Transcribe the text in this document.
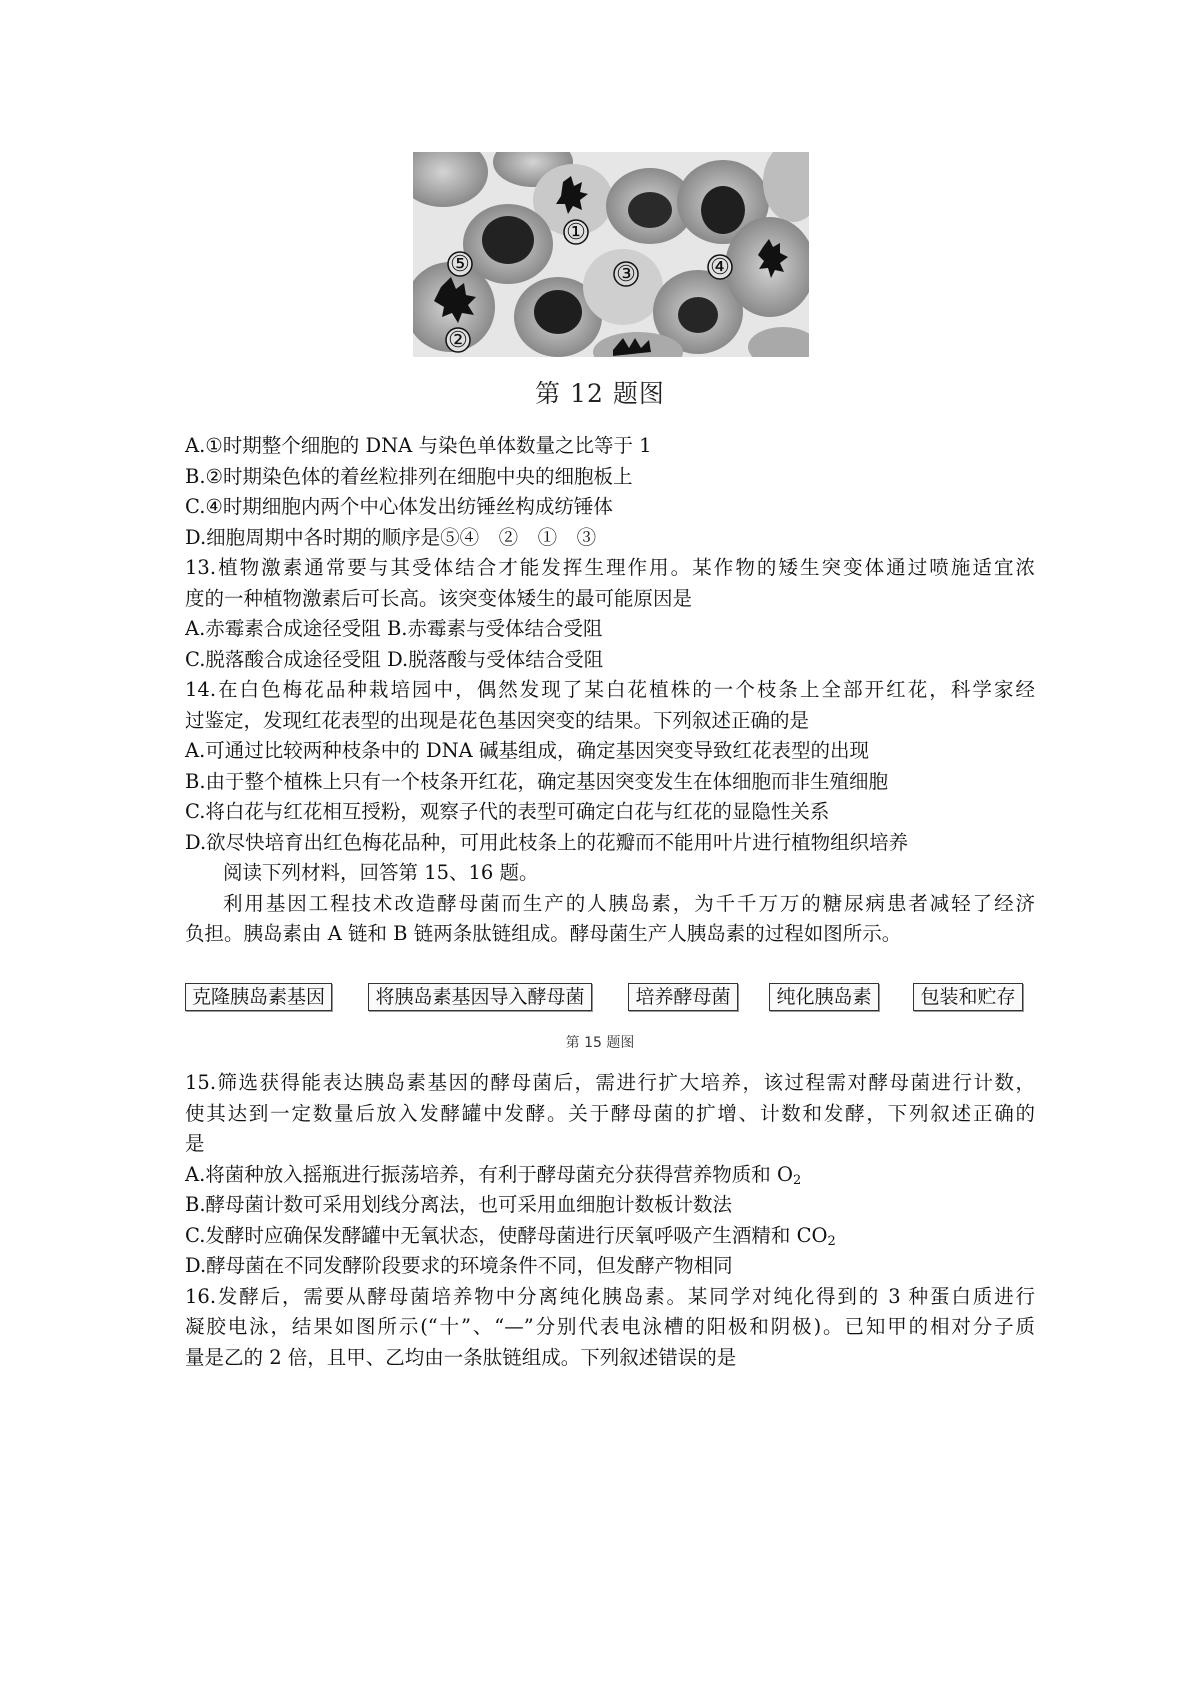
①
②
③	④
⑤
第 12 题图
A.①时期整个细胞的 DNA 与染色单体数量之比等于 1
B.②时期染色体的着丝粒排列在细胞中央的细胞板上
C.④时期细胞内两个中心体发出纺锤丝构成纺锤体
D.细胞周期中各时期的顺序是⑤④　②　①　③
13.植物激素通常要与其受体结合才能发挥生理作用。某作物的矮生突变体通过喷施适宜浓
度的一种植物激素后可长高。该突变体矮生的最可能原因是
A.赤霉素合成途径受阻 B.赤霉素与受体结合受阻
C.脱落酸合成途径受阻 D.脱落酸与受体结合受阻
14.在白色梅花品种栽培园中，偶然发现了某白花植株的一个枝条上全部开红花，科学家经
过鉴定，发现红花表型的出现是花色基因突变的结果。下列叙述正确的是
A.可通过比较两种枝条中的 DNA 碱基组成，确定基因突变导致红花表型的出现
B.由于整个植株上只有一个枝条开红花，确定基因突变发生在体细胞而非生殖细胞
C.将白花与红花相互授粉，观察子代的表型可确定白花与红花的显隐性关系
D.欲尽快培育出红色梅花品种，可用此枝条上的花瓣而不能用叶片进行植物组织培养
阅读下列材料，回答第 15、16 题。
利用基因工程技术改造酵母菌而生产的人胰岛素，为千千万万的糖尿病患者减轻了经济
负担。胰岛素由 A 链和 B 链两条肽链组成。酵母菌生产人胰岛素的过程如图所示。
克隆胰岛素基因	将胰岛素基因导入酵母菌	培养酵母菌	纯化胰岛素	包装和贮存
第 15 题图
15.筛选获得能表达胰岛素基因的酵母菌后，需进行扩大培养，该过程需对酵母菌进行计数，
使其达到一定数量后放入发酵罐中发酵。关于酵母菌的扩增、计数和发酵，下列叙述正确的
是
A.将菌种放入摇瓶进行振荡培养，有利于酵母菌充分获得营养物质和 $O_2$
B.酵母菌计数可采用划线分离法，也可采用血细胞计数板计数法
C.发酵时应确保发酵罐中无氧状态，使酵母菌进行厌氧呼吸产生酒精和 $CO_2$
D.酵母菌在不同发酵阶段要求的环境条件不同，但发酵产物相同
16.发酵后，需要从酵母菌培养物中分离纯化胰岛素。某同学对纯化得到的 3 种蛋白质进行
凝胶电泳，结果如图所示(“十”、“—”分别代表电泳槽的阳极和阴极)。已知甲的相对分子质
量是乙的 2 倍，且甲、乙均由一条肽链组成。下列叙述错误的是
